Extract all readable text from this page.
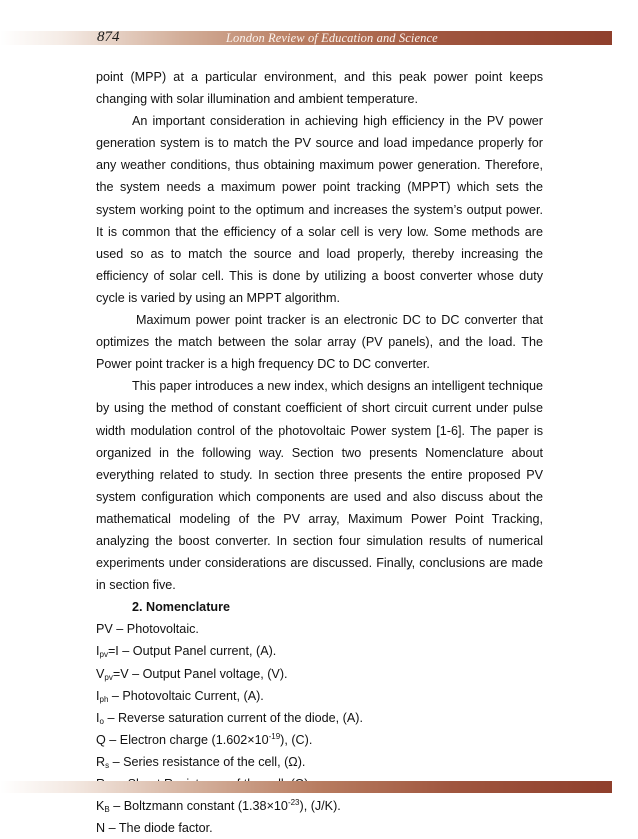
874	London Review of Education and Science

point (MPP) at a particular environment, and this peak power point keeps changing with solar illumination and ambient temperature.

An important consideration in achieving high efficiency in the PV power generation system is to match the PV source and load impedance properly for any weather conditions, thus obtaining maximum power generation. Therefore, the system needs a maximum power point tracking (MPPT) which sets the system working point to the optimum and increases the system’s output power. It is common that the efficiency of a solar cell is very low. Some methods are used so as to match the source and load properly, thereby increasing the efficiency of solar cell. This is done by utilizing a boost converter whose duty cycle is varied by using an MPPT algorithm.

Maximum power point tracker is an electronic DC to DC converter that optimizes the match between the solar array (PV panels), and the load. The Power point tracker is a high frequency DC to DC converter.

This paper introduces a new index, which designs an intelligent technique by using the method of constant coefficient of short circuit current under pulse width modulation control of the photovoltaic Power system [1-6]. The paper is organized in the following way. Section two presents Nomenclature about everything related to study. In section three presents the entire proposed PV system configuration which components are used and also discuss about the mathematical modeling of the PV array, Maximum Power Point Tracking, analyzing the boost converter. In section four simulation results of numerical experiments under considerations are discussed. Finally, conclusions are made in section five.

2. Nomenclature

PV – Photovoltaic.

$I_{pv}=I$ – Output Panel current, (A).

$V_{pv}=V$ – Output Panel voltage, (V).

$I_{ph}$ – Photovoltaic Current, (A).

$I_o$ – Reverse saturation current of the diode, (A).

Q – Electron charge $(1.602\times 10^{-19})$, (C).

$R_s$ – Series resistance of the cell, (Ω).

$K_B$ – Boltzmann constant $(1.38\times 10^{-23})$, (J/K).

N – The diode factor.
